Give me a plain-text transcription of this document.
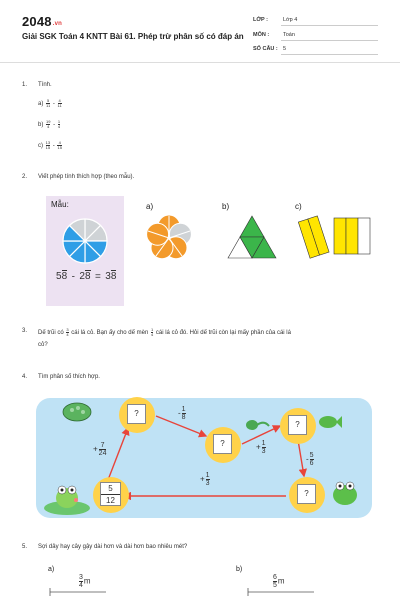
2048.vn
Giải SGK Toán 4 KNTT Bài 61. Phép trừ phân số có đáp án
LỚP :	Lớp 4
MÔN :	Toán
SỐ CÂU : 5
1. Tính.
$a) \frac{5}{11} - \frac{4}{11}$
$b) \frac{19}{4} - \frac{1}{4}$
$c) \frac{13}{15} - \frac{4}{15}$
2. Viết phép tính thích hợp (theo mẫu).
Mẫu:
58 - 28 = 38
a)	b)	c)
3. Dế trũi có $\frac{3}{4}$ cái lá cỏ. Bạn ấy cho dế mèn $\frac{1}{4}$ cái lá cỏ đó. Hỏi dế trũi còn lại mấy phần của cái lá
cỏ?
4. Tìm phân số thích hợp.
?
?
?
?
5
12
+ $\frac{7}{24}$
- $\frac{1}{8}$
+ $\frac{1}{3}$
- $\frac{5}{6}$
+ $\frac{1}{3}$
5. Sợi dây hay cây gậy dài hơn và dài hơn bao nhiêu mét?
a)	b)
$\frac{3}{4}$ m	$\frac{6}{5}$ m
